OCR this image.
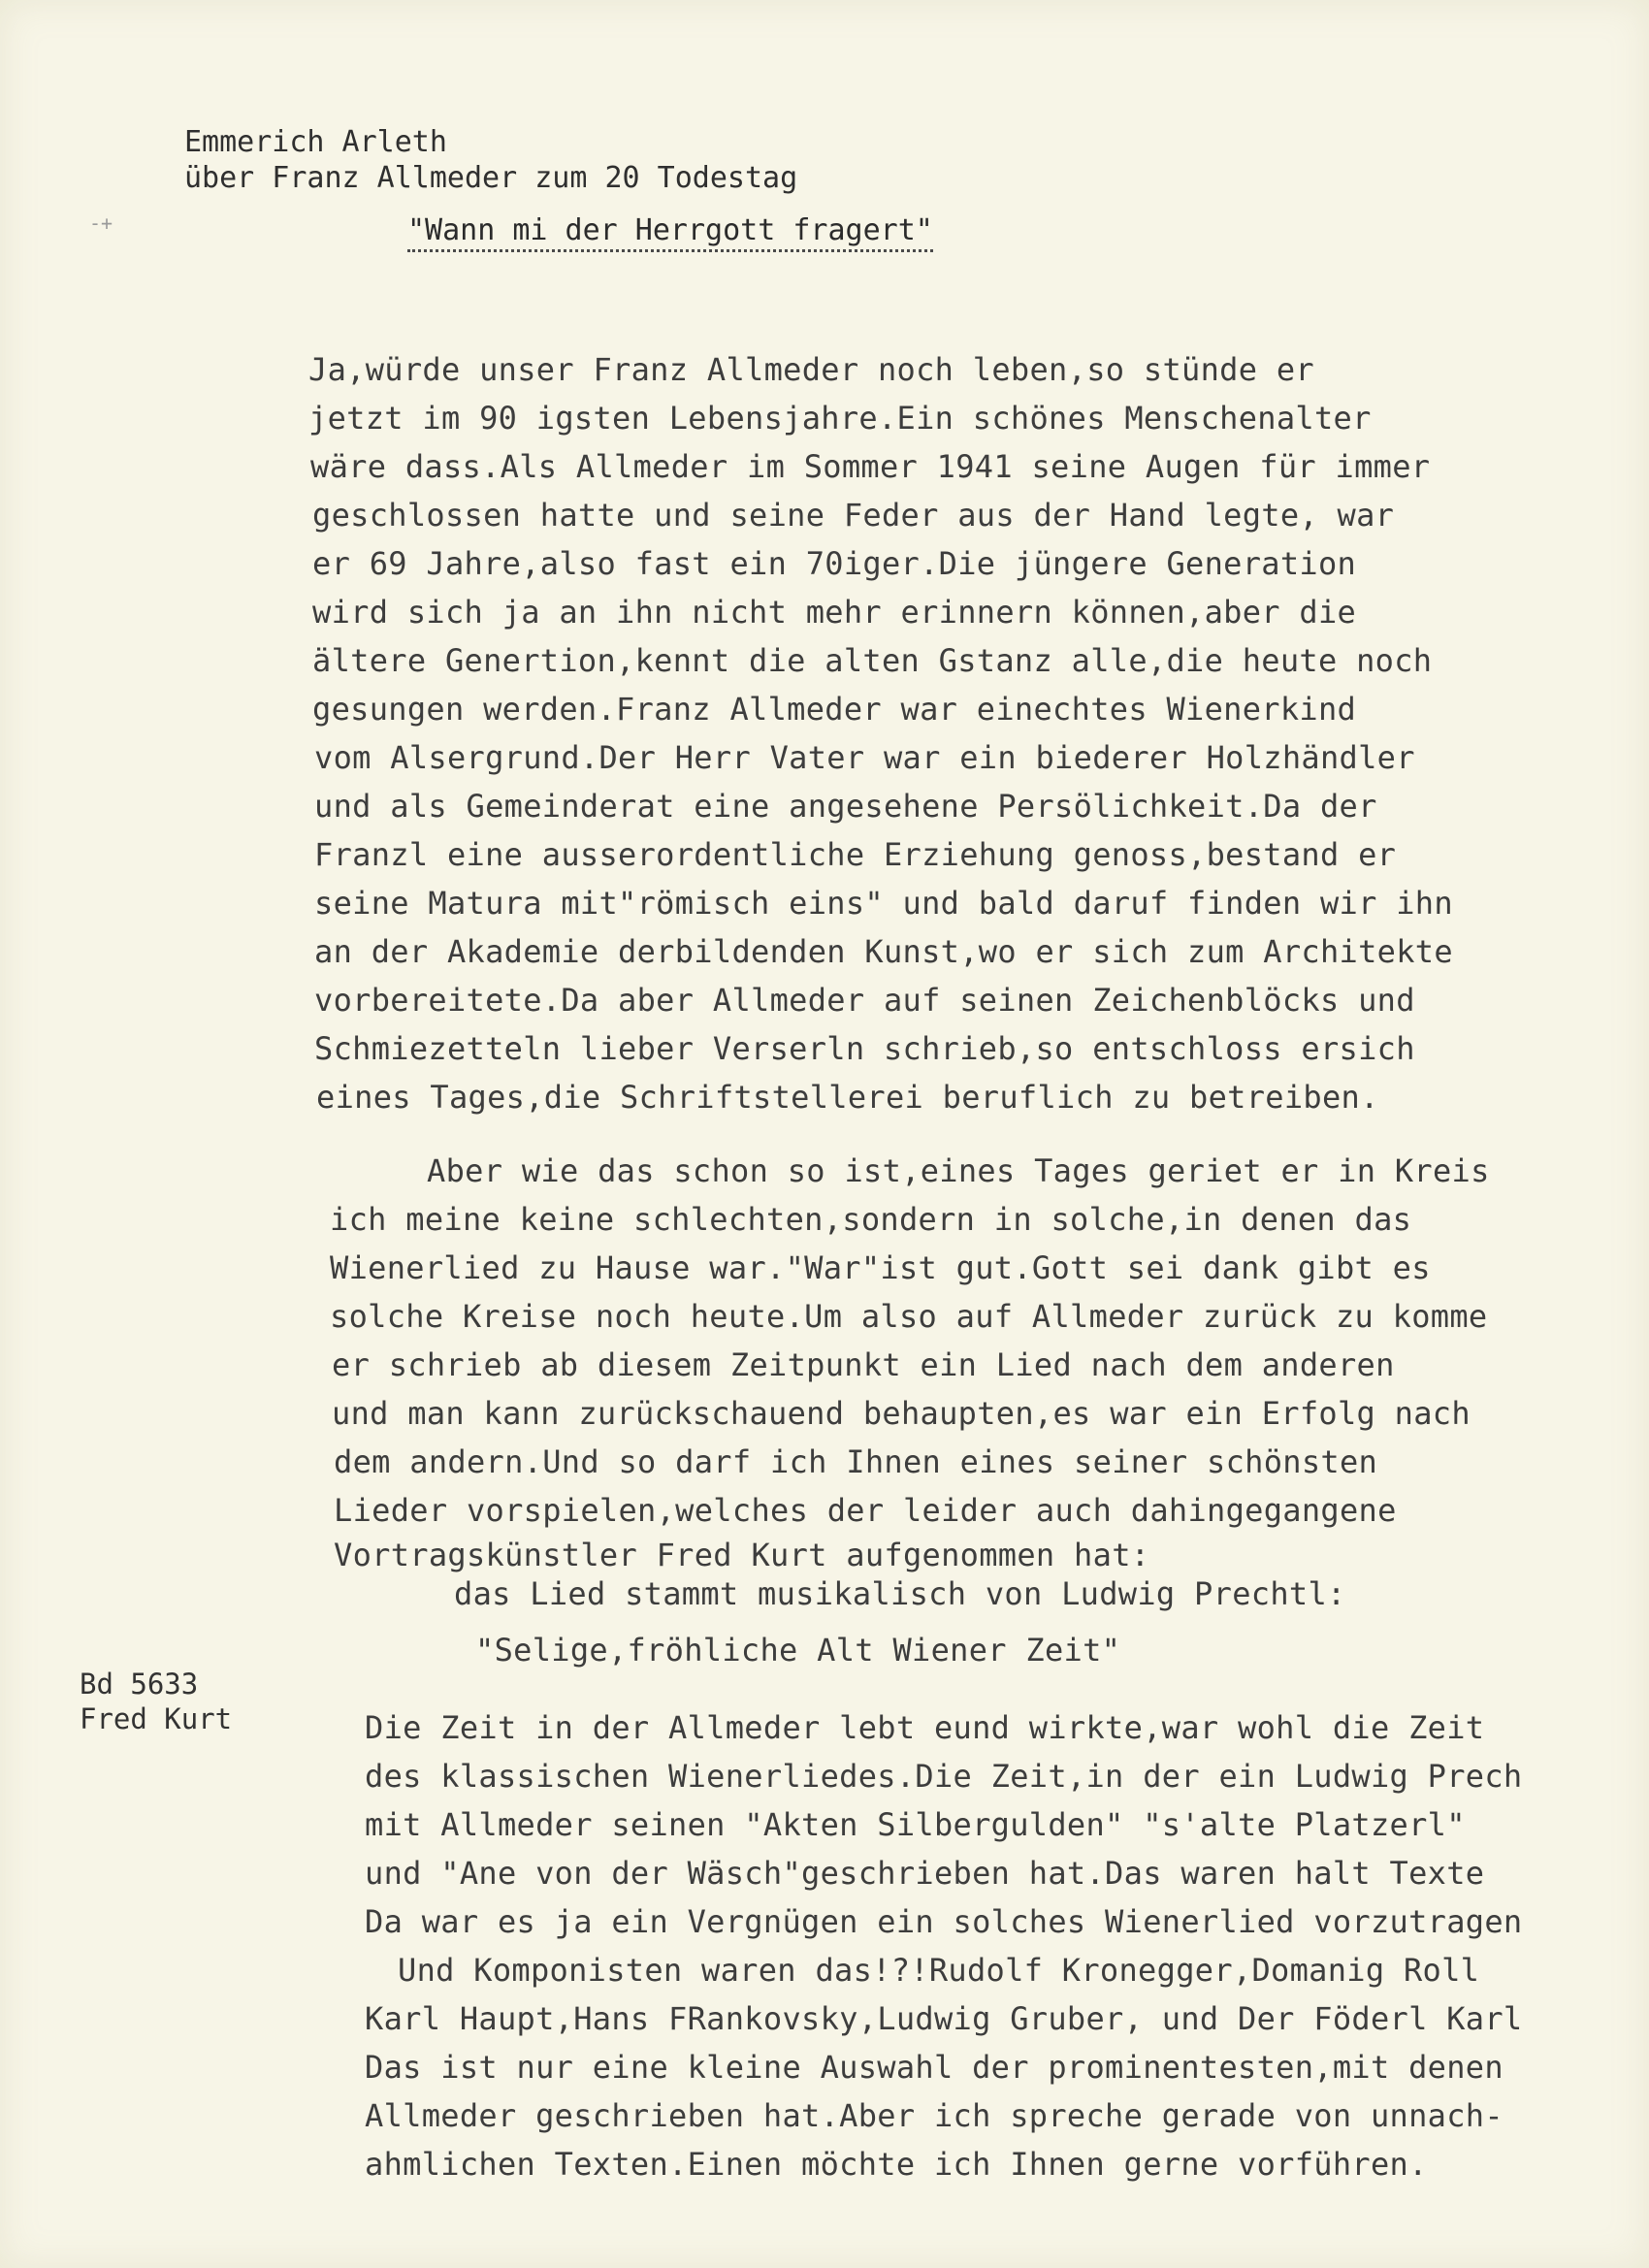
-+
Emmerich Arleth
über Franz Allmeder zum 20 Todestag
"Wann mi der Herrgott fragert"
Bd 5633
Fred Kurt
Ja,würde unser Franz Allmeder noch leben,so stünde er
jetzt im 90 igsten Lebensjahre.Ein schönes Menschenalter
wäre dass.Als Allmeder im Sommer 1941 seine Augen für immer
geschlossen hatte und seine Feder aus der Hand legte, war
er 69 Jahre,also fast ein 70iger.Die jüngere Generation
wird sich ja an ihn nicht mehr erinnern können,aber die
ältere Genertion,kennt die alten Gstanz alle,die heute noch
gesungen werden.Franz Allmeder war einechtes Wienerkind
vom Alsergrund.Der Herr Vater war ein biederer Holzhändler
und als Gemeinderat eine angesehene Persölichkeit.Da der
Franzl eine ausserordentliche Erziehung genoss,bestand er
seine Matura mit"römisch eins" und bald daruf finden wir ihn
an der Akademie derbildenden Kunst,wo er sich zum Architekte
vorbereitete.Da aber Allmeder auf seinen Zeichenblöcks und
Schmiezetteln lieber Verserln schrieb,so entschloss ersich
eines Tages,die Schriftstellerei beruflich zu betreiben.
Aber wie das schon so ist,eines Tages geriet er in Kreis
ich meine keine schlechten,sondern in solche,in denen das
Wienerlied zu Hause war."War"ist gut.Gott sei dank gibt es
solche Kreise noch heute.Um also auf Allmeder zurück zu komme
er schrieb ab diesem Zeitpunkt ein Lied nach dem anderen
und man kann zurückschauend behaupten,es war ein Erfolg nach
dem andern.Und so darf ich Ihnen eines seiner schönsten
Lieder vorspielen,welches der leider auch dahingegangene
Vortragskünstler Fred Kurt aufgenommen hat:
das Lied stammt musikalisch von Ludwig Prechtl:
"Selige,fröhliche Alt Wiener Zeit"
Die Zeit in der Allmeder lebt eund wirkte,war wohl die Zeit
des klassischen Wienerliedes.Die Zeit,in der ein Ludwig Prech
mit Allmeder seinen "Akten Silbergulden" "s'alte Platzerl"
und "Ane von der Wäsch"geschrieben hat.Das waren halt Texte
Da war es ja ein Vergnügen ein solches Wienerlied vorzutragen
Und Komponisten waren das!?!Rudolf Kronegger,Domanig Roll
Karl Haupt,Hans FRankovsky,Ludwig Gruber, und Der Föderl Karl
Das ist nur eine kleine Auswahl der prominentesten,mit denen
Allmeder geschrieben hat.Aber ich spreche gerade von unnach-
ahmlichen Texten.Einen möchte ich Ihnen gerne vorführen.
